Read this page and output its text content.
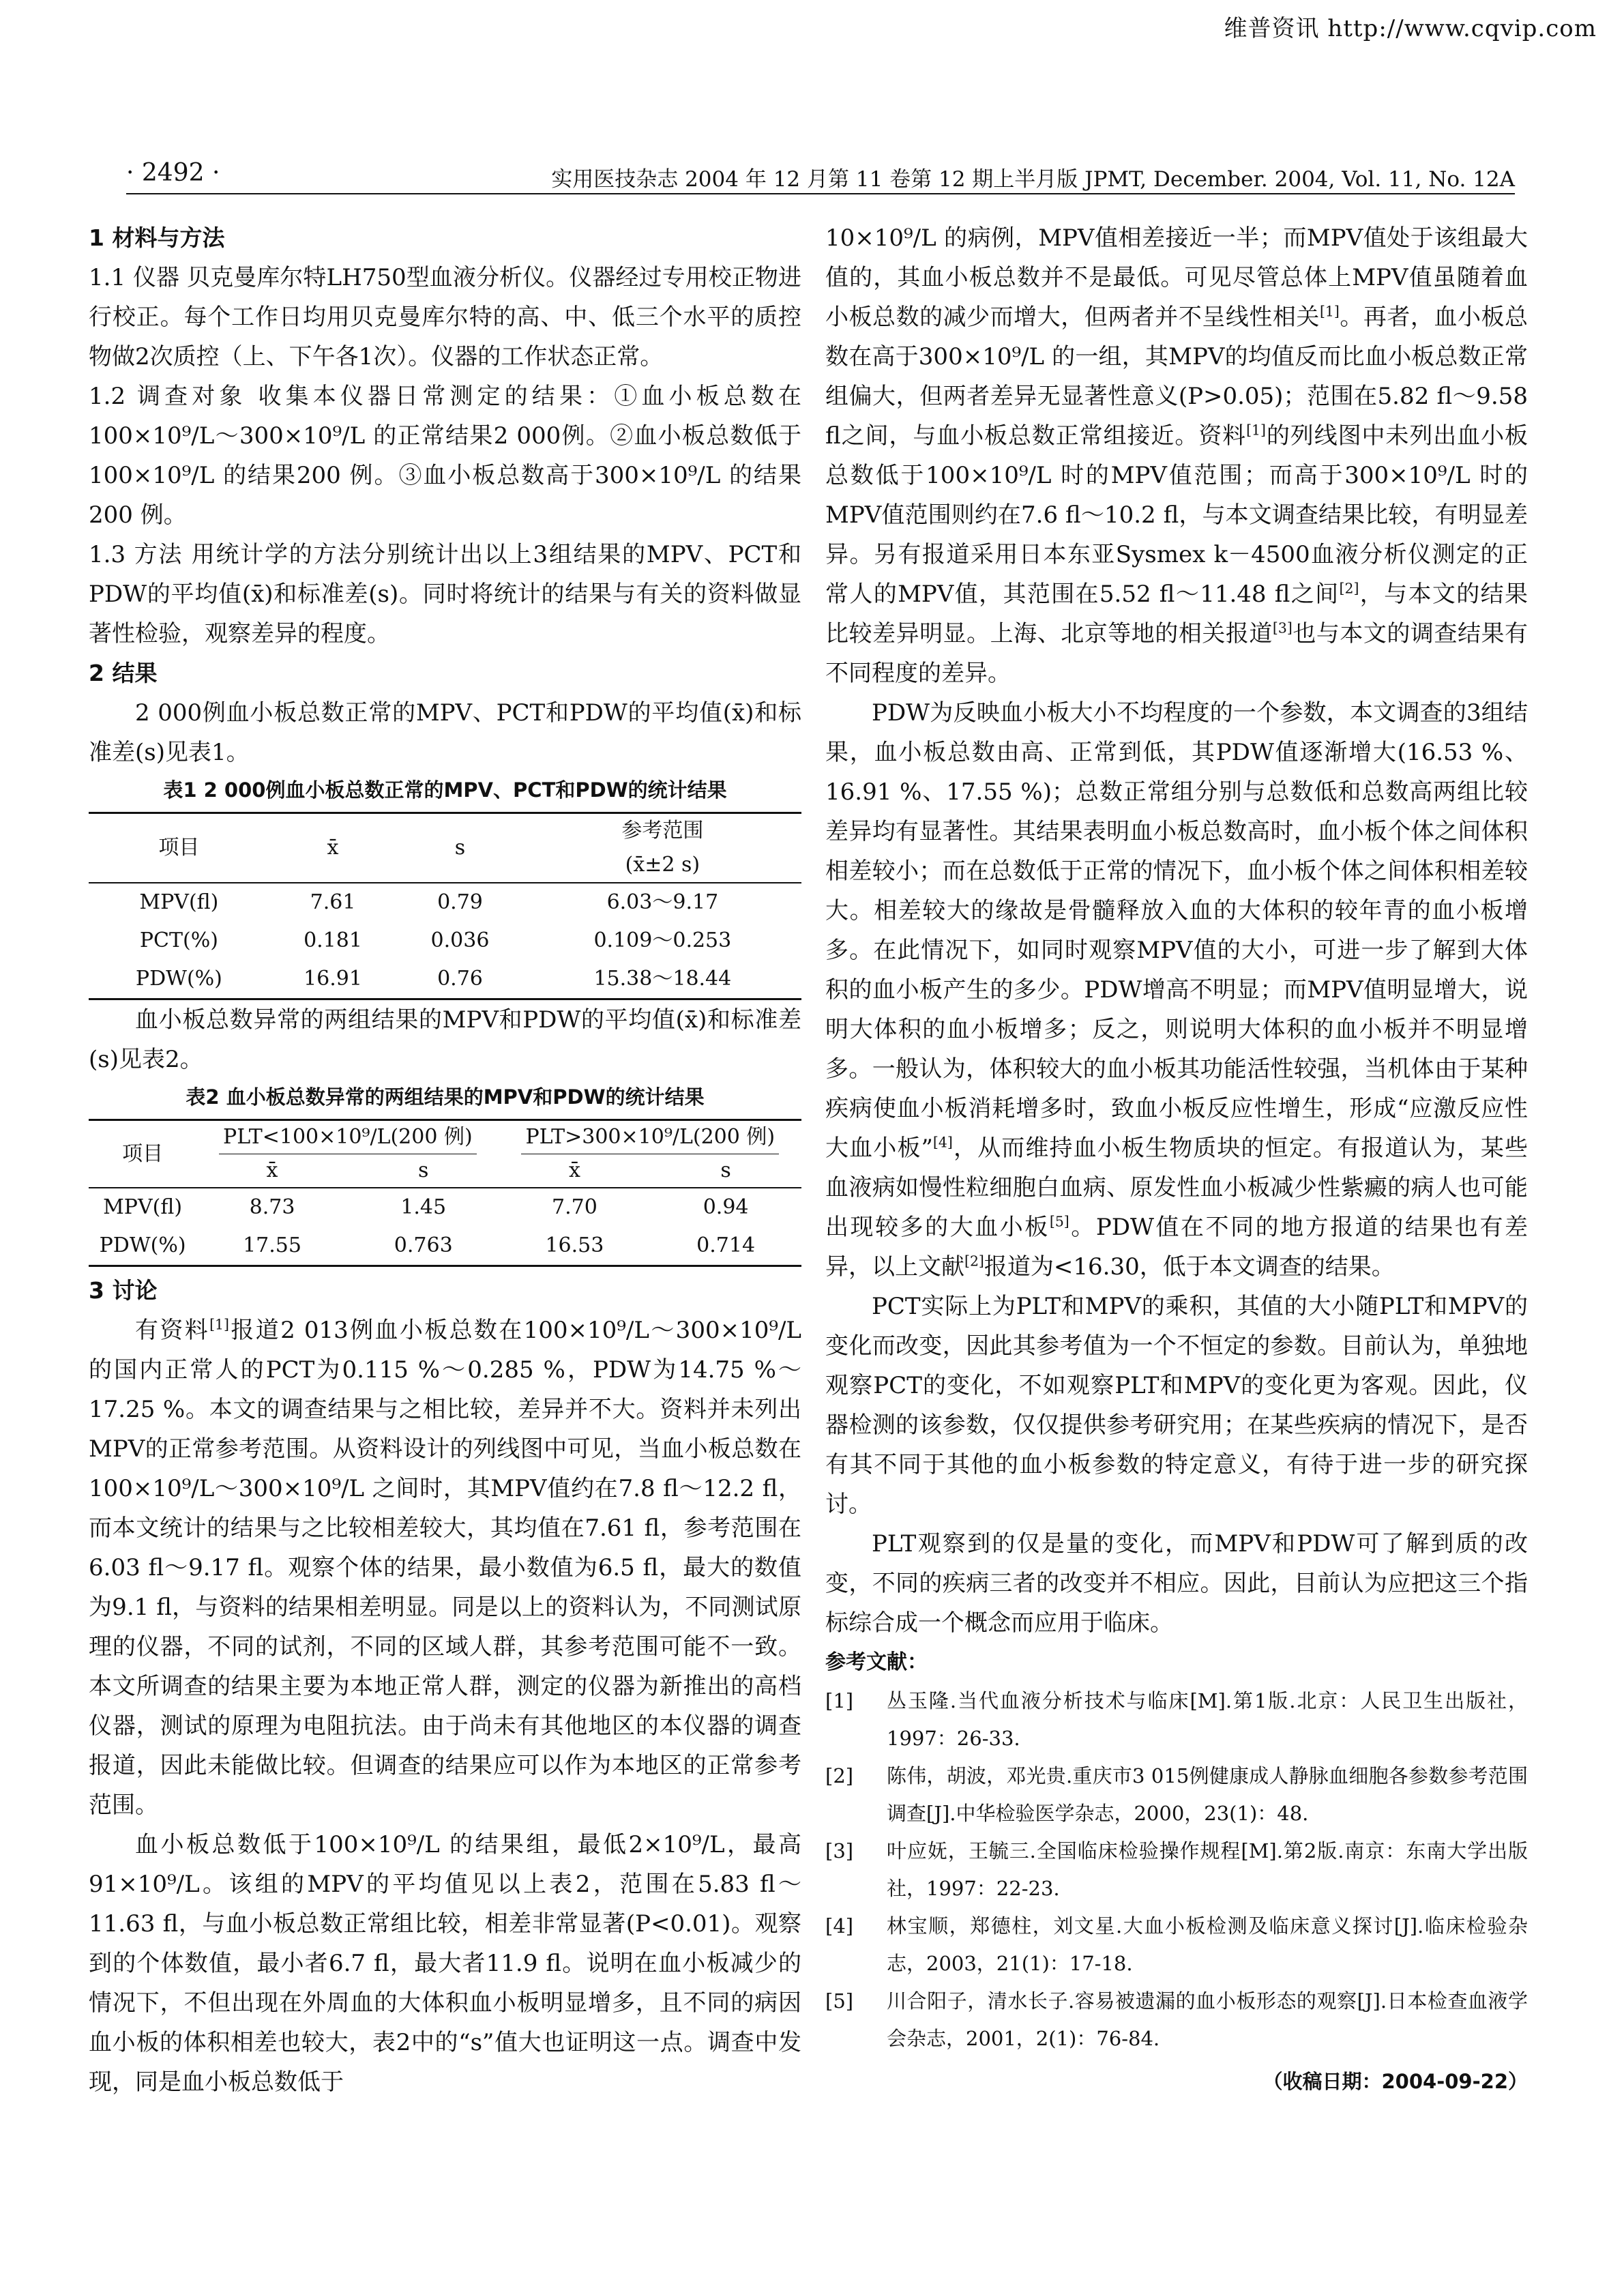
维普资讯 http://www.cqvip.com
· 2492 ·	实用医技杂志 2004 年 12 月第 11 卷第 12 期上半月版 JPMT, December. 2004, Vol. 11, No. 12A

1 材料与方法

1.1 仪器 贝克曼库尔特LH750型血液分析仪。仪器经过专用校正物进行校正。每个工作日均用贝克曼库尔特的高、中、低三个水平的质控物做2次质控（上、下午各1次）。仪器的工作状态正常。

1.2 调查对象 收集本仪器日常测定的结果：①血小板总数在100×10⁹/L～300×10⁹/L 的正常结果2 000例。②血小板总数低于100×10⁹/L 的结果200 例。③血小板总数高于300×10⁹/L 的结果200 例。

1.3 方法 用统计学的方法分别统计出以上3组结果的MPV、PCT和PDW的平均值(x̄)和标准差(s)。同时将统计的结果与有关的资料做显著性检验，观察差异的程度。

2 结果

2 000例血小板总数正常的MPV、PCT和PDW的平均值(x̄)和标准差(s)见表1。

表1 2 000例血小板总数正常的MPV、PCT和PDW的统计结果

项目	x̄	s	参考范围
(x̄±2 s)

MPV(fl)	7.61	0.79	6.03～9.17
PCT(%)	0.181	0.036	0.109～0.253
PDW(%)	16.91	0.76	15.38～18.44

血小板总数异常的两组结果的MPV和PDW的平均值(x̄)和标准差(s)见表2。

表2 血小板总数异常的两组结果的MPV和PDW的统计结果

项目	PLT<100×10⁹/L(200 例)		PLT>300×10⁹/L(200 例)	
	x̄	s	x̄	s
MPV(fl)	8.73	1.45	7.70	0.94
PDW(%)	17.55	0.763	16.53	0.714

3 讨论

有资料[1]报道2 013例血小板总数在100×10⁹/L～300×10⁹/L 的国内正常人的PCT为0.115 %～0.285 %，PDW为14.75 %～17.25 %。本文的调查结果与之相比较，差异并不大。资料并未列出MPV的正常参考范围。从资料设计的列线图中可见，当血小板总数在100×10⁹/L～300×10⁹/L 之间时，其MPV值约在7.8 fl～12.2 fl，而本文统计的结果与之比较相差较大，其均值在7.61 fl，参考范围在6.03 fl～9.17 fl。观察个体的结果，最小数值为6.5 fl，最大的数值为9.1 fl，与资料的结果相差明显。同是以上的资料认为，不同测试原理的仪器，不同的试剂，不同的区域人群，其参考范围可能不一致。本文所调查的结果主要为本地正常人群，测定的仪器为新推出的高档仪器，测试的原理为电阻抗法。由于尚未有其他地区的本仪器的调查报道，因此未能做比较。但调查的结果应可以作为本地区的正常参考范围。

血小板总数低于100×10⁹/L 的结果组，最低2×10⁹/L，最高91×10⁹/L。该组的MPV的平均值见以上表2，范围在5.83 fl～11.63 fl，与血小板总数正常组比较，相差非常显著(P<0.01)。观察到的个体数值，最小者6.7 fl，最大者11.9 fl。说明在血小板减少的情况下，不但出现在外周血的大体积血小板明显增多，且不同的病因血小板的体积相差也较大，表2中的“s”值大也证明这一点。调查中发现，同是血小板总数低于

10×10⁹/L 的病例，MPV值相差接近一半；而MPV值处于该组最大值的，其血小板总数并不是最低。可见尽管总体上MPV值虽随着血小板总数的减少而增大，但两者并不呈线性相关[1]。再者，血小板总数在高于300×10⁹/L 的一组，其MPV的均值反而比血小板总数正常组偏大，但两者差异无显著性意义(P>0.05)；范围在5.82 fl～9.58 fl之间，与血小板总数正常组接近。资料[1]的列线图中未列出血小板总数低于100×10⁹/L 时的MPV值范围；而高于300×10⁹/L 时的MPV值范围则约在7.6 fl～10.2 fl，与本文调查结果比较，有明显差异。另有报道采用日本东亚Sysmex k－4500血液分析仪测定的正常人的MPV值，其范围在5.52 fl～11.48 fl之间[2]，与本文的结果比较差异明显。上海、北京等地的相关报道[3]也与本文的调查结果有不同程度的差异。

PDW为反映血小板大小不均程度的一个参数，本文调查的3组结果，血小板总数由高、正常到低，其PDW值逐渐增大(16.53 %、16.91 %、17.55 %)；总数正常组分别与总数低和总数高两组比较差异均有显著性。其结果表明血小板总数高时，血小板个体之间体积相差较小；而在总数低于正常的情况下，血小板个体之间体积相差较大。相差较大的缘故是骨髓释放入血的大体积的较年青的血小板增多。在此情况下，如同时观察MPV值的大小，可进一步了解到大体积的血小板产生的多少。PDW增高不明显；而MPV值明显增大，说明大体积的血小板增多；反之，则说明大体积的血小板并不明显增多。一般认为，体积较大的血小板其功能活性较强，当机体由于某种疾病使血小板消耗增多时，致血小板反应性增生，形成“应激反应性大血小板”[4]，从而维持血小板生物质块的恒定。有报道认为，某些血液病如慢性粒细胞白血病、原发性血小板减少性紫癜的病人也可能出现较多的大血小板[5]。PDW值在不同的地方报道的结果也有差异，以上文献[2]报道为<16.30，低于本文调查的结果。

PCT实际上为PLT和MPV的乘积，其值的大小随PLT和MPV的变化而改变，因此其参考值为一个不恒定的参数。目前认为，单独地观察PCT的变化，不如观察PLT和MPV的变化更为客观。因此，仪器检测的该参数，仅仅提供参考研究用；在某些疾病的情况下，是否有其不同于其他的血小板参数的特定意义，有待于进一步的研究探讨。

PLT观察到的仅是量的变化，而MPV和PDW可了解到质的改变，不同的疾病三者的改变并不相应。因此，目前认为应把这三个指标综合成一个概念而应用于临床。

参考文献：

[1]	丛玉隆.当代血液分析技术与临床[M].第1版.北京：人民卫生出版社，1997：26-33.
[2]	陈伟，胡波，邓光贵.重庆市3 015例健康成人静脉血细胞各参数参考范围调查[J].中华检验医学杂志，2000，23(1)：48.
[3]	叶应妩，王毓三.全国临床检验操作规程[M].第2版.南京：东南大学出版社，1997：22-23.
[4]	林宝顺，郑德柱，刘文星.大血小板检测及临床意义探讨[J].临床检验杂志，2003，21(1)：17-18.
[5]	川合阳子，清水长子.容易被遗漏的血小板形态的观察[J].日本检查血液学会杂志，2001，2(1)：76-84.

（收稿日期：2004-09-22）
